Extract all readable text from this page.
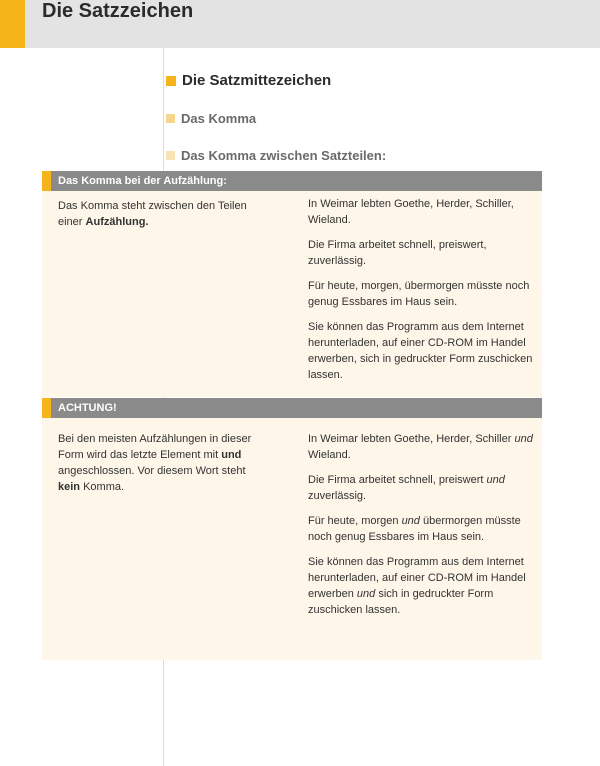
Die Satzzeichen
Die Satzmittezeichen
Das Komma
Das Komma zwischen Satzteilen:
Das Komma bei der Aufzählung:
Das Komma steht zwischen den Teilen einer Aufzählung.

In Weimar lebten Goethe, Herder, Schiller, Wieland.

Die Firma arbeitet schnell, preiswert, zuverlässig.

Für heute, morgen, übermorgen müsste noch genug Essbares im Haus sein.

Sie können das Programm aus dem Internet herunterladen, auf einer CD-ROM im Handel erwerben, sich in gedruckter Form zuschicken lassen.

ACHTUNG!
Bei den meisten Aufzählungen in dieser Form wird das letzte Element mit und angeschlossen. Vor diesem Wort steht kein Komma.

In Weimar lebten Goethe, Herder, Schiller und Wieland.

Die Firma arbeitet schnell, preiswert und zuverlässig.

Für heute, morgen und übermorgen müsste noch genug Essbares im Haus sein.

Sie können das Programm aus dem Internet herunterladen, auf einer CD-ROM im Handel erwerben und sich in gedruckter Form zuschicken lassen.
